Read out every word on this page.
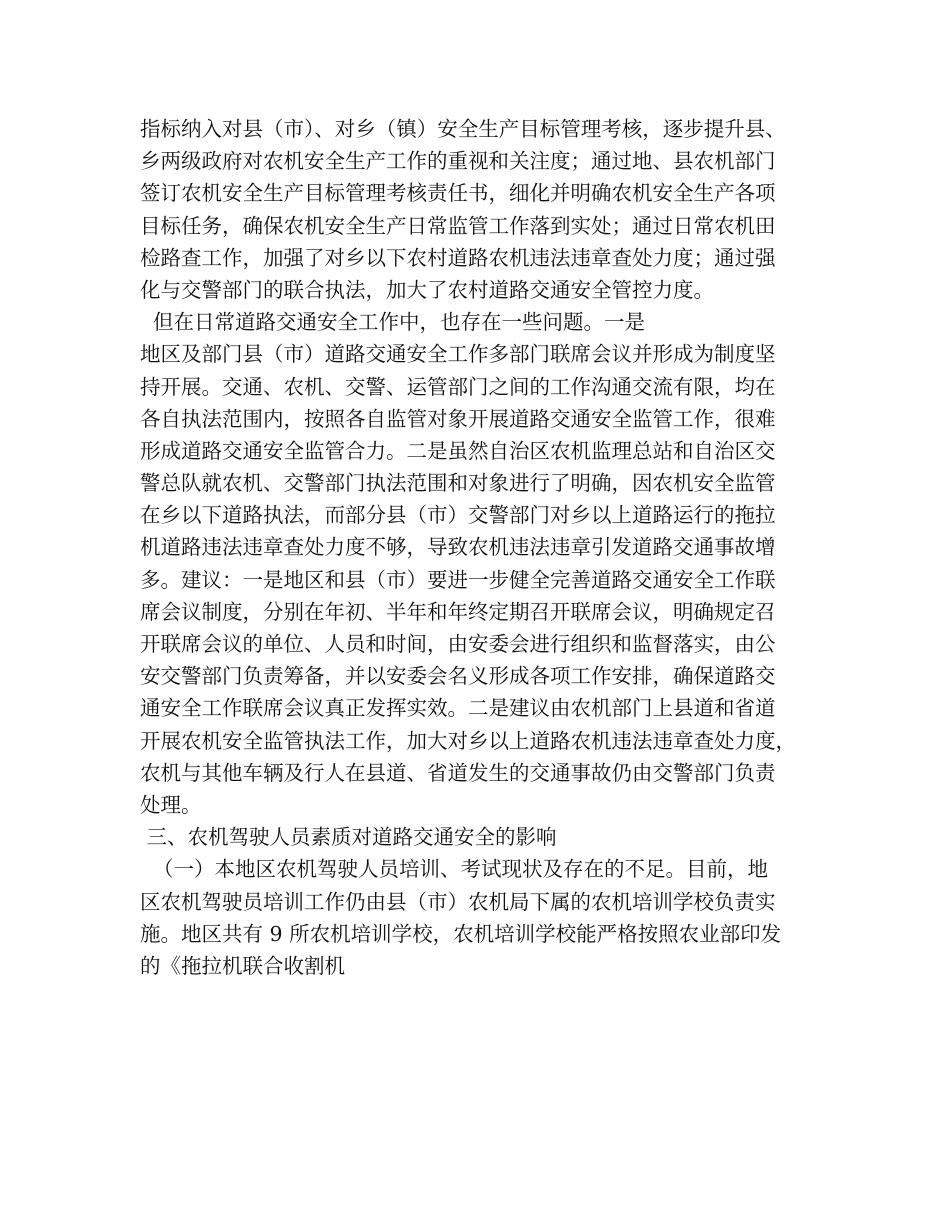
指标纳入对县（市）、对乡（镇）安全生产目标管理考核，逐步提升县、
乡两级政府对农机安全生产工作的重视和关注度；通过地、县农机部门
签订农机安全生产目标管理考核责任书，细化并明确农机安全生产各项
目标任务，确保农机安全生产日常监管工作落到实处；通过日常农机田
检路查工作，加强了对乡以下农村道路农机违法违章查处力度；通过强
化与交警部门的联合执法，加大了农村道路交通安全管控力度。
但在日常道路交通安全工作中，也存在一些问题。一是
地区及部门县（市）道路交通安全工作多部门联席会议并形成为制度坚
持开展。交通、农机、交警、运管部门之间的工作沟通交流有限，均在
各自执法范围内，按照各自监管对象开展道路交通安全监管工作，很难
形成道路交通安全监管合力。二是虽然自治区农机监理总站和自治区交
警总队就农机、交警部门执法范围和对象进行了明确，因农机安全监管
在乡以下道路执法，而部分县（市）交警部门对乡以上道路运行的拖拉
机道路违法违章查处力度不够，导致农机违法违章引发道路交通事故增
多。建议：一是地区和县（市）要进一步健全完善道路交通安全工作联
席会议制度，分别在年初、半年和年终定期召开联席会议，明确规定召
开联席会议的单位、人员和时间，由安委会进行组织和监督落实，由公
安交警部门负责筹备，并以安委会名义形成各项工作安排，确保道路交
通安全工作联席会议真正发挥实效。二是建议由农机部门上县道和省道
开展农机安全监管执法工作，加大对乡以上道路农机违法违章查处力度，
农机与其他车辆及行人在县道、省道发生的交通事故仍由交警部门负责
处理。
三、农机驾驶人员素质对道路交通安全的影响
（一）本地区农机驾驶人员培训、考试现状及存在的不足。目前，地
区农机驾驶员培训工作仍由县（市）农机局下属的农机培训学校负责实
施。地区共有 9 所农机培训学校，农机培训学校能严格按照农业部印发
的《拖拉机联合收割机
